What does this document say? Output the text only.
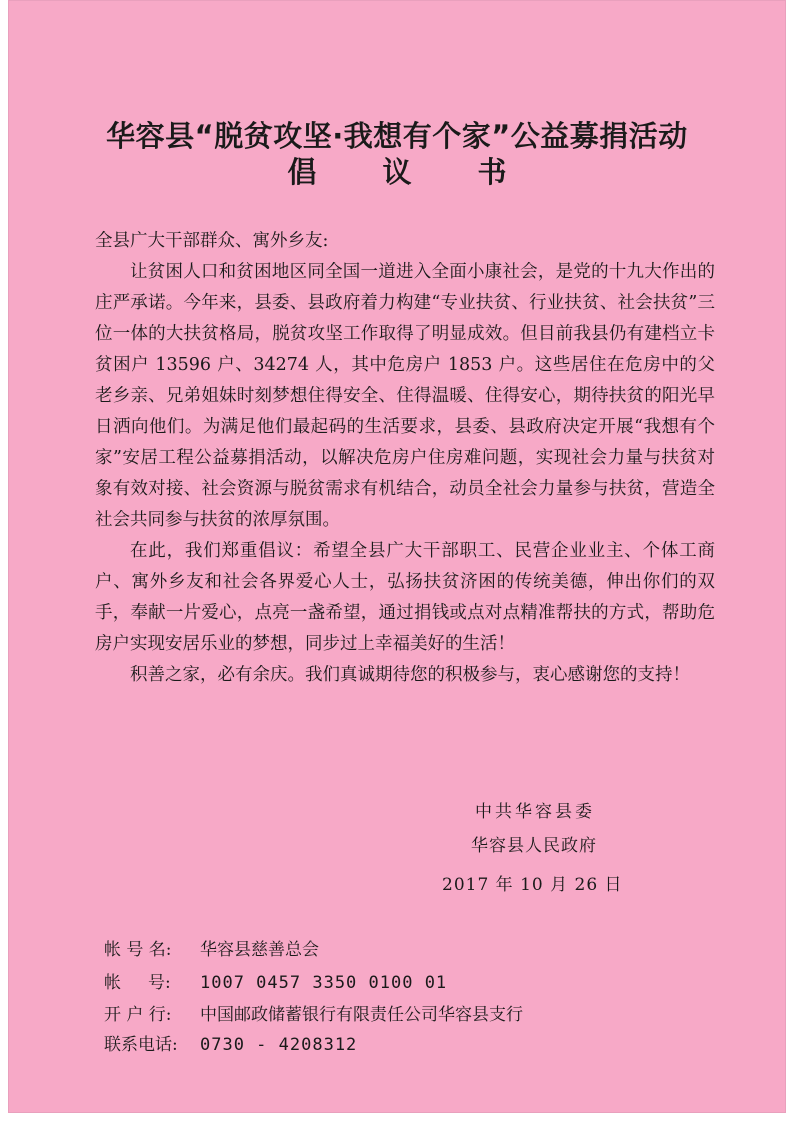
华容县“脱贫攻坚·我想有个家”公益募捐活动
倡 议 书

全县广大干部群众、寓外乡友:

让贫困人口和贫困地区同全国一道进入全面小康社会，是党的十九大作出的庄严承诺。今年来，县委、县政府着力构建“专业扶贫、行业扶贫、社会扶贫”三位一体的大扶贫格局，脱贫攻坚工作取得了明显成效。但目前我县仍有建档立卡贫困户 13596 户、34274 人，其中危房户 1853 户。这些居住在危房中的父老乡亲、兄弟姐妹时刻梦想住得安全、住得温暖、住得安心，期待扶贫的阳光早日洒向他们。为满足他们最起码的生活要求，县委、县政府决定开展“我想有个家”安居工程公益募捐活动，以解决危房户住房难问题，实现社会力量与扶贫对象有效对接、社会资源与脱贫需求有机结合，动员全社会力量参与扶贫，营造全社会共同参与扶贫的浓厚氛围。

在此，我们郑重倡议：希望全县广大干部职工、民营企业业主、个体工商户、寓外乡友和社会各界爱心人士，弘扬扶贫济困的传统美德，伸出你们的双手，奉献一片爱心，点亮一盏希望，通过捐钱或点对点精准帮扶的方式，帮助危房户实现安居乐业的梦想，同步过上幸福美好的生活！

积善之家，必有余庆。我们真诚期待您的积极参与，衷心感谢您的支持！

中共华容县委
华容县人民政府
2017 年 10 月 26 日
帐 号 名: 华容县慈善总会
帐     号: 1007 0457 3350 0100 01
开 户 行: 中国邮政储蓄银行有限责任公司华容县支行
联系电话: 0730 - 4208312
